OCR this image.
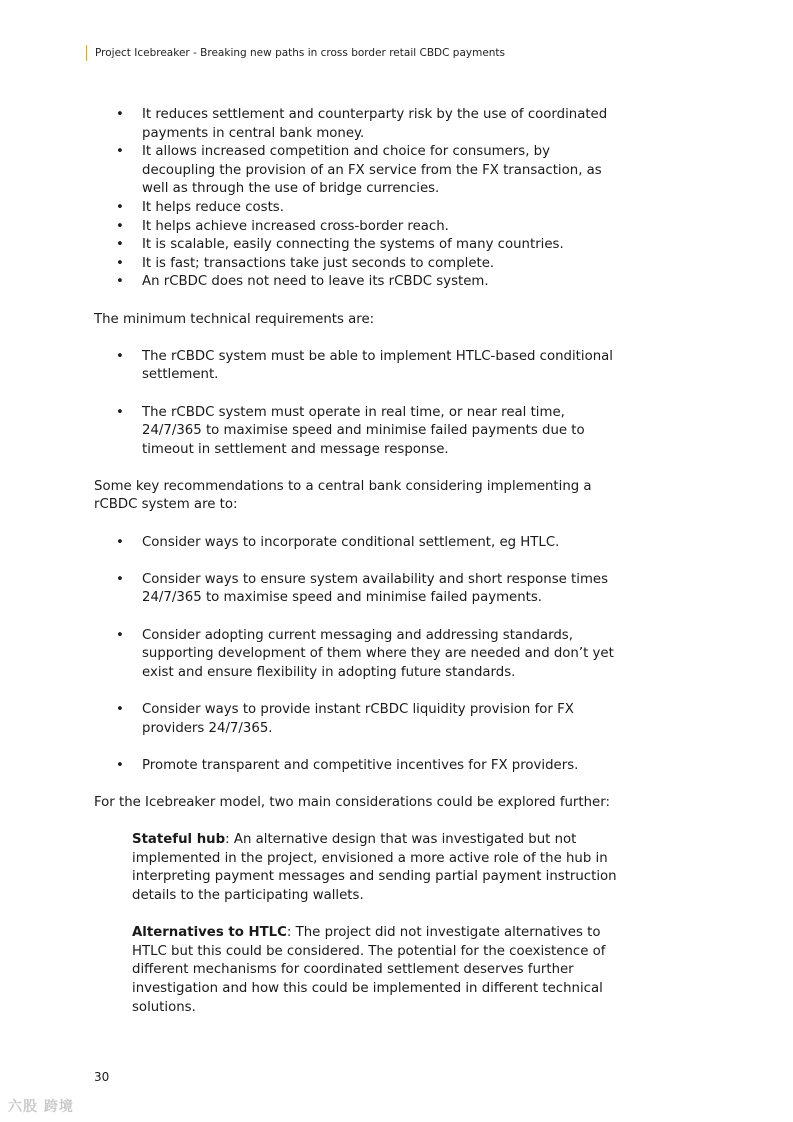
Project Icebreaker - Breaking new paths in cross border retail CBDC payments
• It reduces settlement and counterparty risk by the use of coordinated payments in central bank money.
• It allows increased competition and choice for consumers, by decoupling the provision of an FX service from the FX transaction, as well as through the use of bridge currencies.
• It helps reduce costs.
• It helps achieve increased cross-border reach.
• It is scalable, easily connecting the systems of many countries.
• It is fast; transactions take just seconds to complete.
• An rCBDC does not need to leave its rCBDC system.

The minimum technical requirements are:

• The rCBDC system must be able to implement HTLC-based conditional settlement.
• The rCBDC system must operate in real time, or near real time, 24/7/365 to maximise speed and minimise failed payments due to timeout in settlement and message response.

Some key recommendations to a central bank considering implementing a rCBDC system are to:

• Consider ways to incorporate conditional settlement, eg HTLC.
• Consider ways to ensure system availability and short response times 24/7/365 to maximise speed and minimise failed payments.
• Consider adopting current messaging and addressing standards, supporting development of them where they are needed and don’t yet exist and ensure flexibility in adopting future standards.
• Consider ways to provide instant rCBDC liquidity provision for FX providers 24/7/365.
• Promote transparent and competitive incentives for FX providers.

For the Icebreaker model, two main considerations could be explored further:

Stateful hub: An alternative design that was investigated but not implemented in the project, envisioned a more active role of the hub in interpreting payment messages and sending partial payment instruction details to the participating wallets.

Alternatives to HTLC: The project did not investigate alternatives to HTLC but this could be considered. The potential for the coexistence of different mechanisms for coordinated settlement deserves further investigation and how this could be implemented in different technical solutions.

30
六股 跨境
